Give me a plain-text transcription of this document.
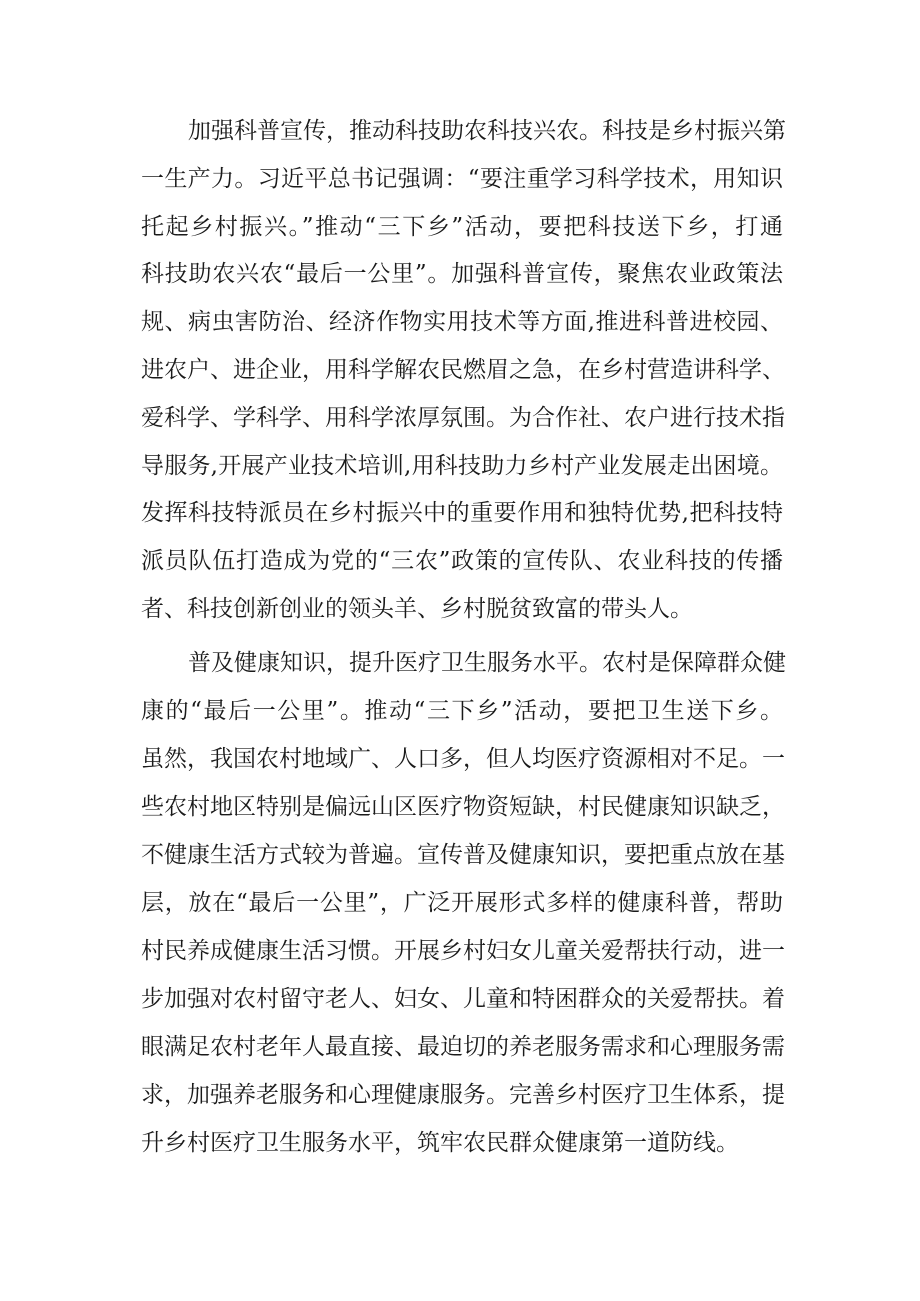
加强科普宣传，推动科技助农科技兴农。科技是乡村振兴第
一生产力。习近平总书记强调：“要注重学习科学技术，用知识
托起乡村振兴。”推动“三下乡”活动，要把科技送下乡，打通
科技助农兴农“最后一公里”。加强科普宣传，聚焦农业政策法
规、病虫害防治、经济作物实用技术等方面,推进科普进校园、
进农户、进企业，用科学解农民燃眉之急，在乡村营造讲科学、
爱科学、学科学、用科学浓厚氛围。为合作社、农户进行技术指
导服务,开展产业技术培训,用科技助力乡村产业发展走出困境。
发挥科技特派员在乡村振兴中的重要作用和独特优势,把科技特
派员队伍打造成为党的“三农”政策的宣传队、农业科技的传播
者、科技创新创业的领头羊、乡村脱贫致富的带头人。
普及健康知识，提升医疗卫生服务水平。农村是保障群众健
康的“最后一公里”。推动“三下乡”活动，要把卫生送下乡。
虽然，我国农村地域广、人口多，但人均医疗资源相对不足。一
些农村地区特别是偏远山区医疗物资短缺，村民健康知识缺乏，
不健康生活方式较为普遍。宣传普及健康知识，要把重点放在基
层，放在“最后一公里”，广泛开展形式多样的健康科普，帮助
村民养成健康生活习惯。开展乡村妇女儿童关爱帮扶行动，进一
步加强对农村留守老人、妇女、儿童和特困群众的关爱帮扶。着
眼满足农村老年人最直接、最迫切的养老服务需求和心理服务需
求，加强养老服务和心理健康服务。完善乡村医疗卫生体系，提
升乡村医疗卫生服务水平，筑牢农民群众健康第一道防线。
